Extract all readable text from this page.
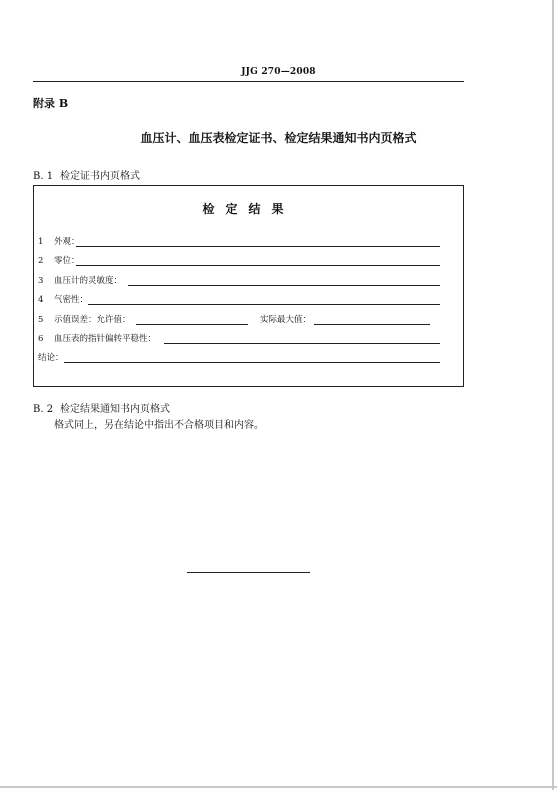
JJG 270—2008
附录 B
血压计、血压表检定证书、检定结果通知书内页格式
B. 1 检定证书内页格式
检定结果
1 外观：
2 零位：
3 血压计的灵敏度：
4 气密性：
5 示值误差：允许值：	实际最大值：
6 血压表的指针偏转平稳性：
结论：
B. 2 检定结果通知书内页格式
格式同上，另在结论中指出不合格项目和内容。
